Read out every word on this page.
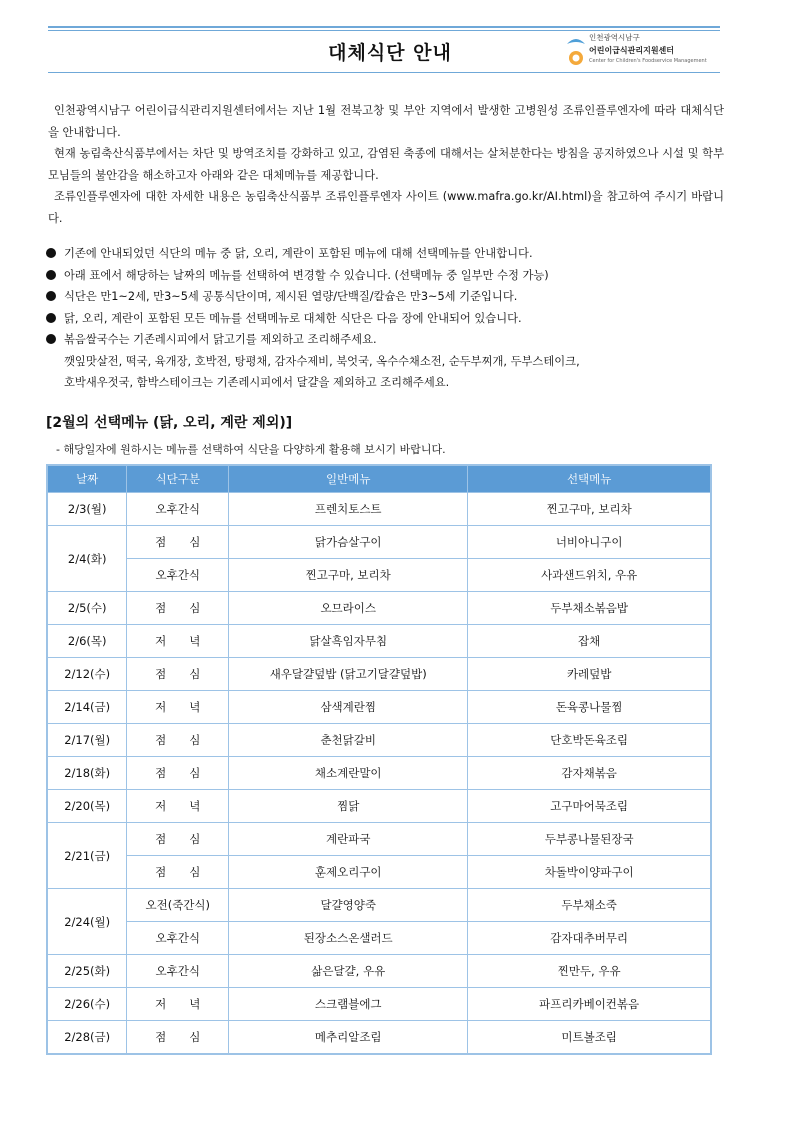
대체식단 안내
인천광역시남구
어린이급식관리지원센터
Center for Children's Foodservice Management

인천광역시남구 어린이급식관리지원센터에서는 지난 1월 전북고창 및 부안 지역에서 발생한 고병원성 조류인플루엔자에 따라 대체식단을 안내합니다.

현재 농림축산식품부에서는 차단 및 방역조치를 강화하고 있고, 감염된 축종에 대해서는 살처분한다는 방침을 공지하였으나 시설 및 학부모님들의 불안감을 해소하고자 아래와 같은 대체메뉴를 제공합니다.

조류인플루엔자에 대한 자세한 내용은 농림축산식품부 조류인플루엔자 사이트 (www.mafra.go.kr/AI.html)을 참고하여 주시기 바랍니다.

기존에 안내되었던 식단의 메뉴 중 닭, 오리, 계란이 포함된 메뉴에 대해 선택메뉴를 안내합니다.
아래 표에서 해당하는 날짜의 메뉴를 선택하여 변경할 수 있습니다. (선택메뉴 중 일부만 수정 가능)
식단은 만1~2세, 만3~5세 공통식단이며, 제시된 열량/단백질/칼슘은 만3~5세 기준입니다.
닭, 오리, 계란이 포함된 모든 메뉴를 선택메뉴로 대체한 식단은 다음 장에 안내되어 있습니다.
볶음쌀국수는 기존레시피에서 닭고기를 제외하고 조리해주세요.
깻잎맛살전, 떡국, 육개장, 호박전, 탕평채, 감자수제비, 북엇국, 옥수수채소전, 순두부찌개, 두부스테이크,
호박새우젓국, 함박스테이크는 기존레시피에서 달걀을 제외하고 조리해주세요.
[2월의 선택메뉴 (닭, 오리, 계란 제외)]
- 해당일자에 원하시는 메뉴를 선택하여 식단을 다양하게 활용해 보시기 바랍니다.
날짜	식단구분	일반메뉴	선택메뉴
2/3(월)	오후간식	프렌치토스트	찐고구마, 보리차
2/4(화)	점　　심	닭가슴살구이	너비아니구이
	오후간식	찐고구마, 보리차	사과샌드위치, 우유
2/5(수)	점　　심	오므라이스	두부채소볶음밥
2/6(목)	저　　녁	닭살흑임자무침	잡채
2/12(수)	점　　심	새우달걀덮밥 (닭고기달걀덮밥)	카레덮밥
2/14(금)	저　　녁	삼색계란찜	돈육콩나물찜
2/17(월)	점　　심	춘천닭갈비	단호박돈육조림
2/18(화)	점　　심	채소계란말이	감자채볶음
2/20(목)	저　　녁	찜닭	고구마어묵조림
2/21(금)	점　　심	계란파국	두부콩나물된장국
	점　　심	훈제오리구이	차돌박이양파구이
2/24(월)	오전(죽간식)	달걀영양죽	두부채소죽
	오후간식	된장소스온샐러드	감자대추버무리
2/25(화)	오후간식	삶은달걀, 우유	찐만두, 우유
2/26(수)	저　　녁	스크램블에그	파프리카베이컨볶음
2/28(금)	점　　심	메추리알조림	미트볼조림
